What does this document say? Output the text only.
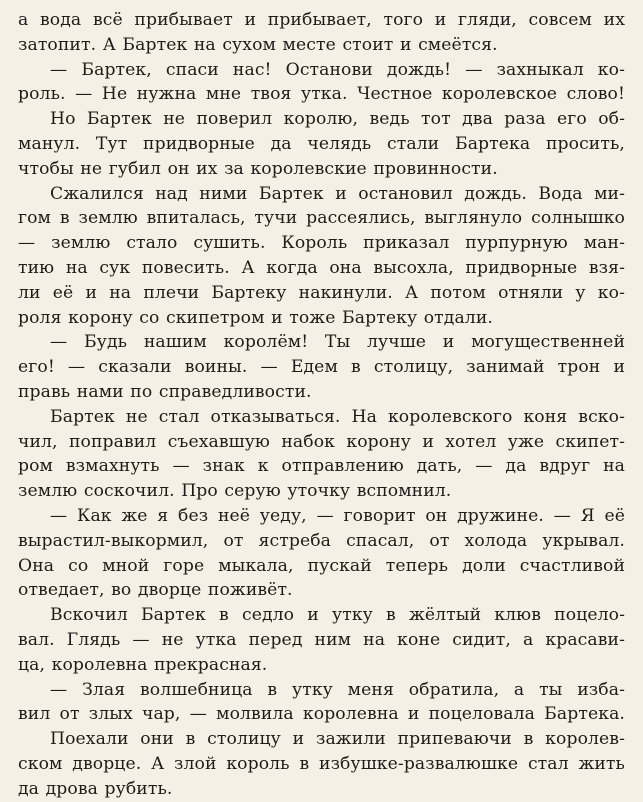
а вода всё прибывает и прибывает, того и гляди, совсем их
затопит. А Бартек на сухом месте стоит и смеётся.
— Бартек, спаси нас! Останови дождь! — захныкал ко-
роль. — Не нужна мне твоя утка. Честное королевское слово!
Но Бартек не поверил королю, ведь тот два раза его об-
манул. Тут придворные да челядь стали Бартека просить,
чтобы не губил он их за королевские провинности.
Сжалился над ними Бартек и остановил дождь. Вода ми-
гом в землю впиталась, тучи рассеялись, выглянуло солнышко
— землю стало сушить. Король приказал пурпурную ман-
тию на сук повесить. А когда она высохла, придворные взя-
ли её и на плечи Бартеку накинули. А потом отняли у ко-
роля корону со скипетром и тоже Бартеку отдали.
— Будь нашим королём! Ты лучше и могущественней
его! — сказали воины. — Едем в столицу, занимай трон и
правь нами по справедливости.
Бартек не стал отказываться. На королевского коня вско-
чил, поправил съехавшую набок корону и хотел уже скипет-
ром взмахнуть — знак к отправлению дать, — да вдруг на
землю соскочил. Про серую уточку вспомнил.
— Как же я без неё уеду, — говорит он дружине. — Я её
вырастил-выкормил, от ястреба спасал, от холода укрывал.
Она со мной горе мыкала, пускай теперь доли счастливой
отведает, во дворце поживёт.
Вскочил Бартек в седло и утку в жёлтый клюв поцело-
вал. Глядь — не утка перед ним на коне сидит, а красави-
ца, королевна прекрасная.
— Злая волшебница в утку меня обратила, а ты изба-
вил от злых чар, — молвила королевна и поцеловала Бартека.
Поехали они в столицу и зажили припеваючи в королев-
ском дворце. А злой король в избушке-развалюшке стал жить
да дрова рубить.
